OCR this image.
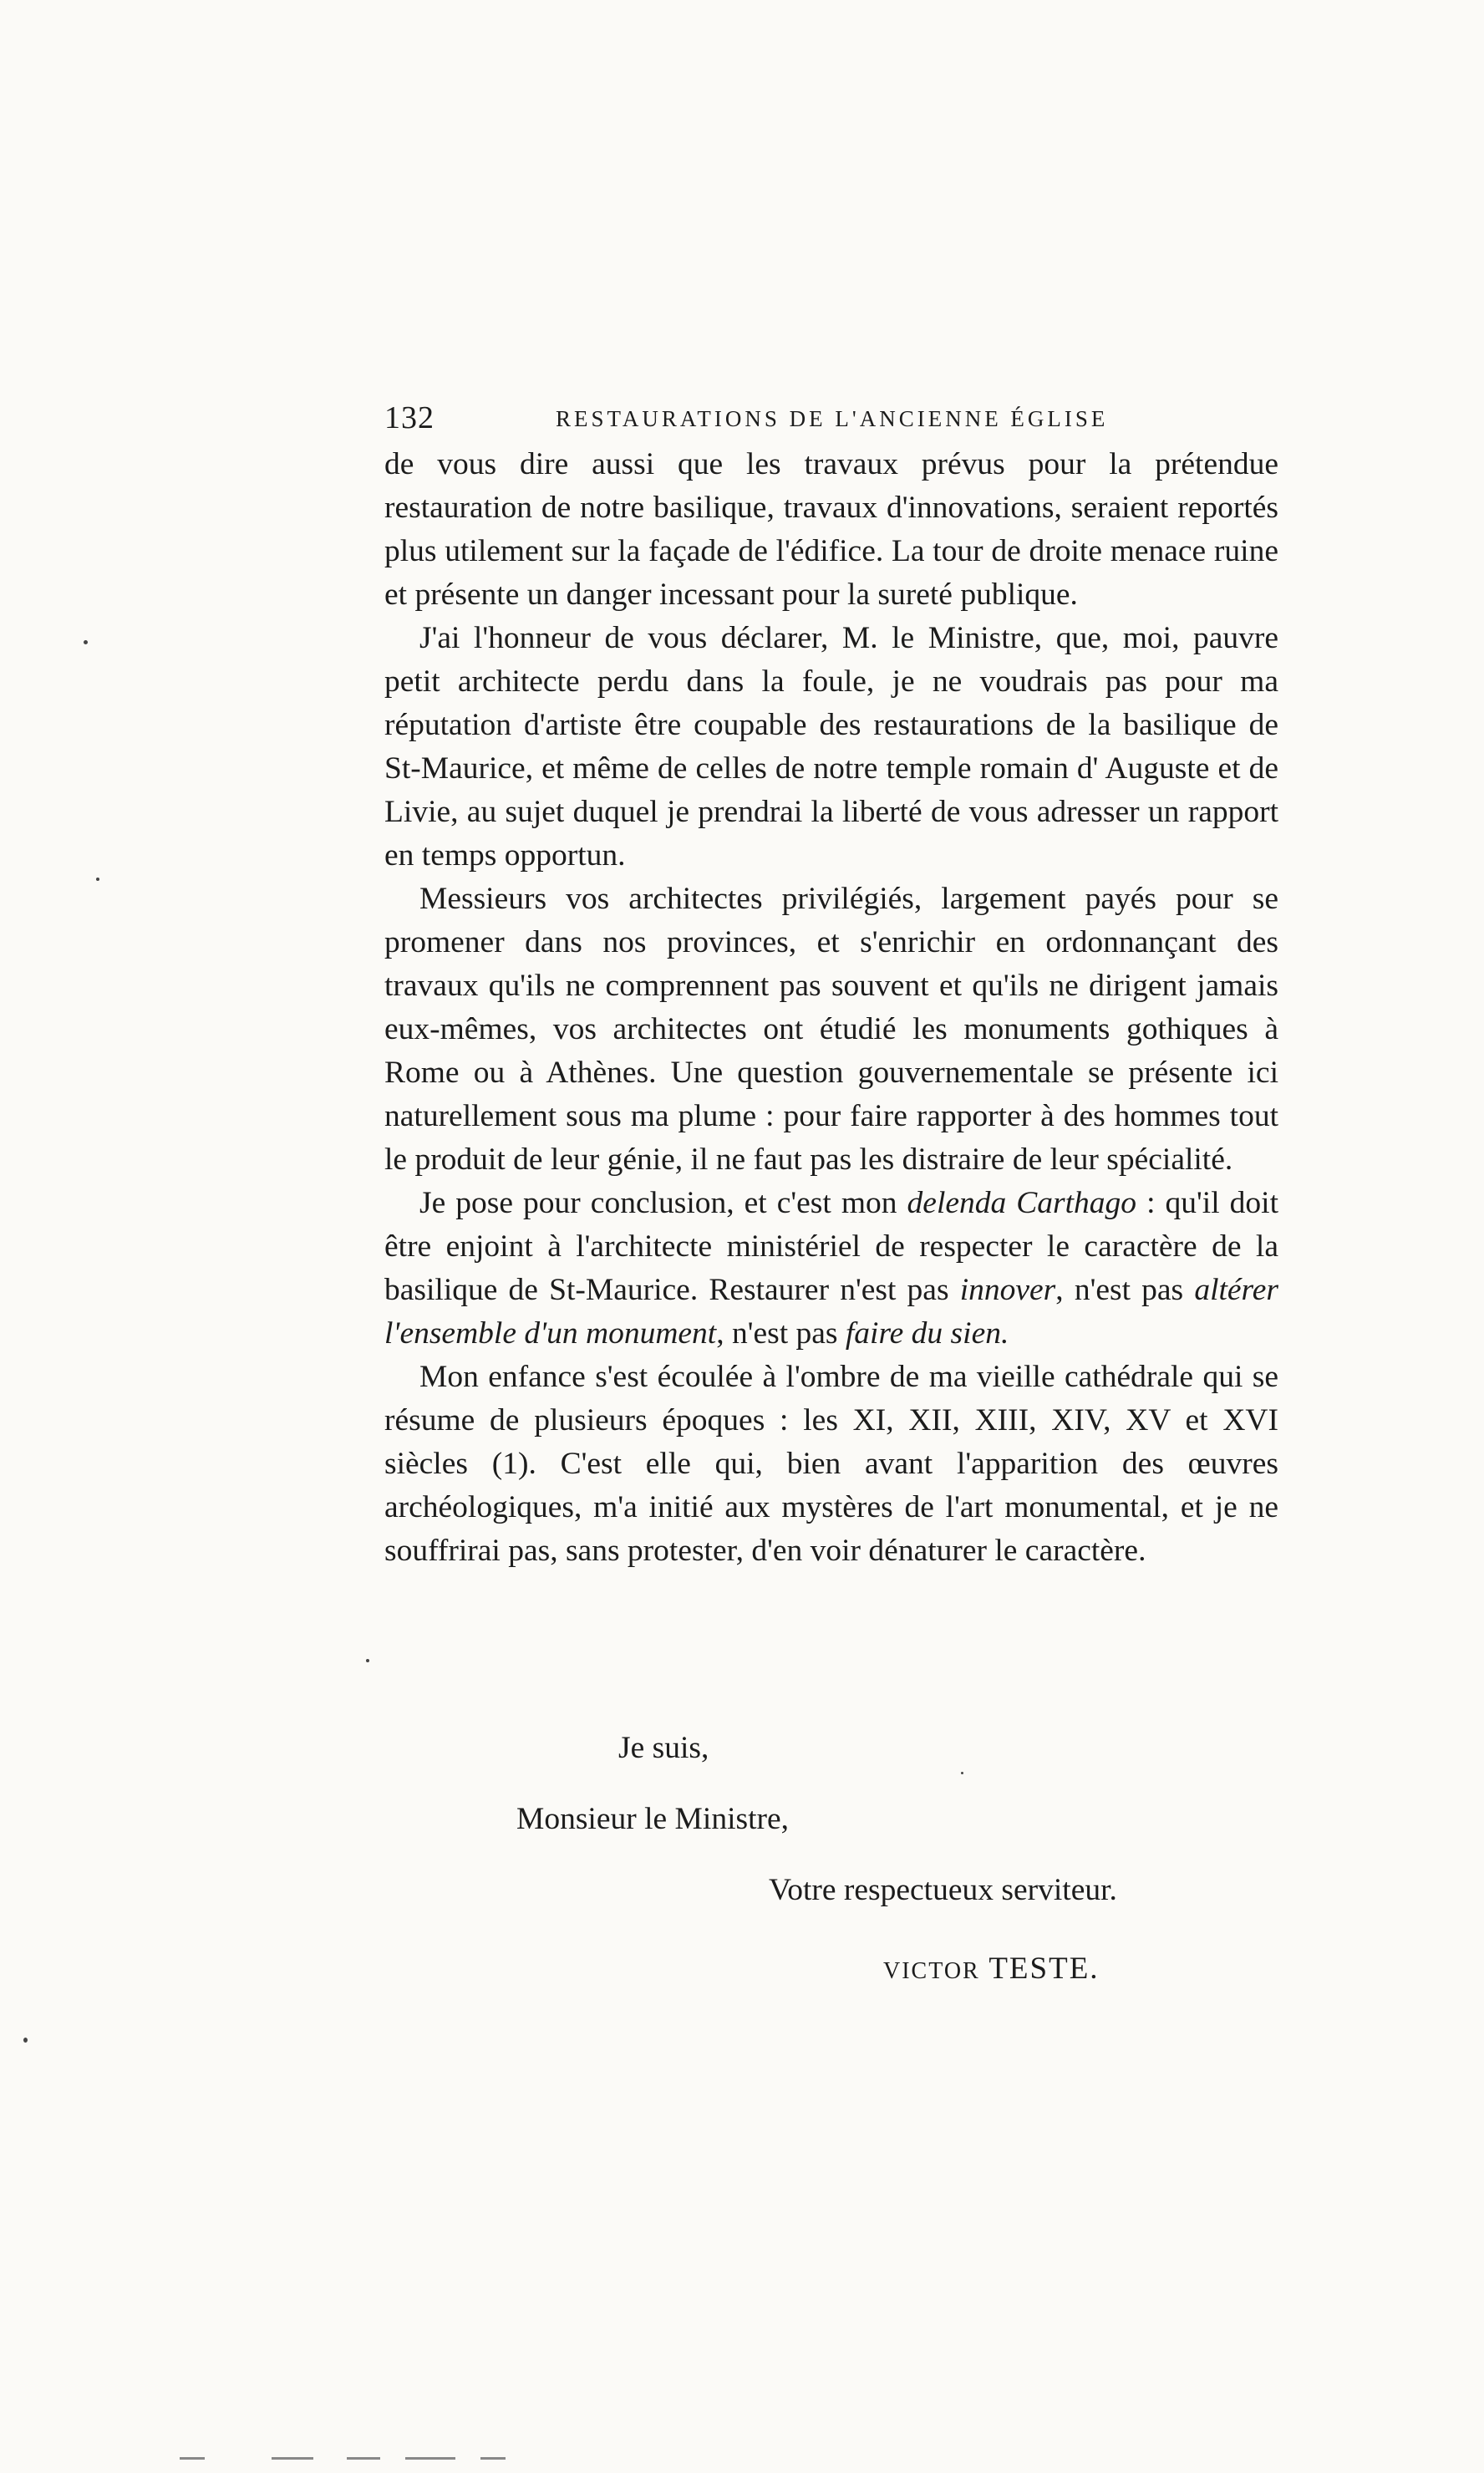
132	RESTAURATIONS DE L'ANCIENNE ÉGLISE

de vous dire aussi que les travaux prévus pour la prétendue restauration de notre basilique, travaux d'innovations, seraient reportés plus utilement sur la façade de l'édifice. La tour de droite menace ruine et présente un danger incessant pour la sureté publique.

J'ai l'honneur de vous déclarer, M. le Ministre, que, moi, pauvre petit architecte perdu dans la foule, je ne voudrais pas pour ma réputation d'artiste être coupable des restaurations de la basilique de St-Maurice, et même de celles de notre temple romain d' Auguste et de Livie, au sujet duquel je prendrai la liberté de vous adresser un rapport en temps opportun.

Messieurs vos architectes privilégiés, largement payés pour se promener dans nos provinces, et s'enrichir en ordonnançant des travaux qu'ils ne comprennent pas souvent et qu'ils ne dirigent jamais eux-mêmes, vos architectes ont étudié les monuments gothiques à Rome ou à Athènes. Une question gouvernementale se présente ici naturellement sous ma plume : pour faire rapporter à des hommes tout le produit de leur génie, il ne faut pas les distraire de leur spécialité.

Je pose pour conclusion, et c'est mon delenda Carthago : qu'il doit être enjoint à l'architecte ministériel de respecter le caractère de la basilique de St-Maurice. Restaurer n'est pas innover, n'est pas altérer l'ensemble d'un monument, n'est pas faire du sien.

Mon enfance s'est écoulée à l'ombre de ma vieille cathédrale qui se résume de plusieurs époques : les XI, XII, XIII, XIV, XV et XVI siècles (1). C'est elle qui, bien avant l'apparition des œuvres archéologiques, m'a initié aux mystères de l'art monumental, et je ne souffrirai pas, sans protester, d'en voir dénaturer le caractère.

Je suis,
Monsieur le Ministre,
Votre respectueux serviteur.
VICTOR TESTE.
